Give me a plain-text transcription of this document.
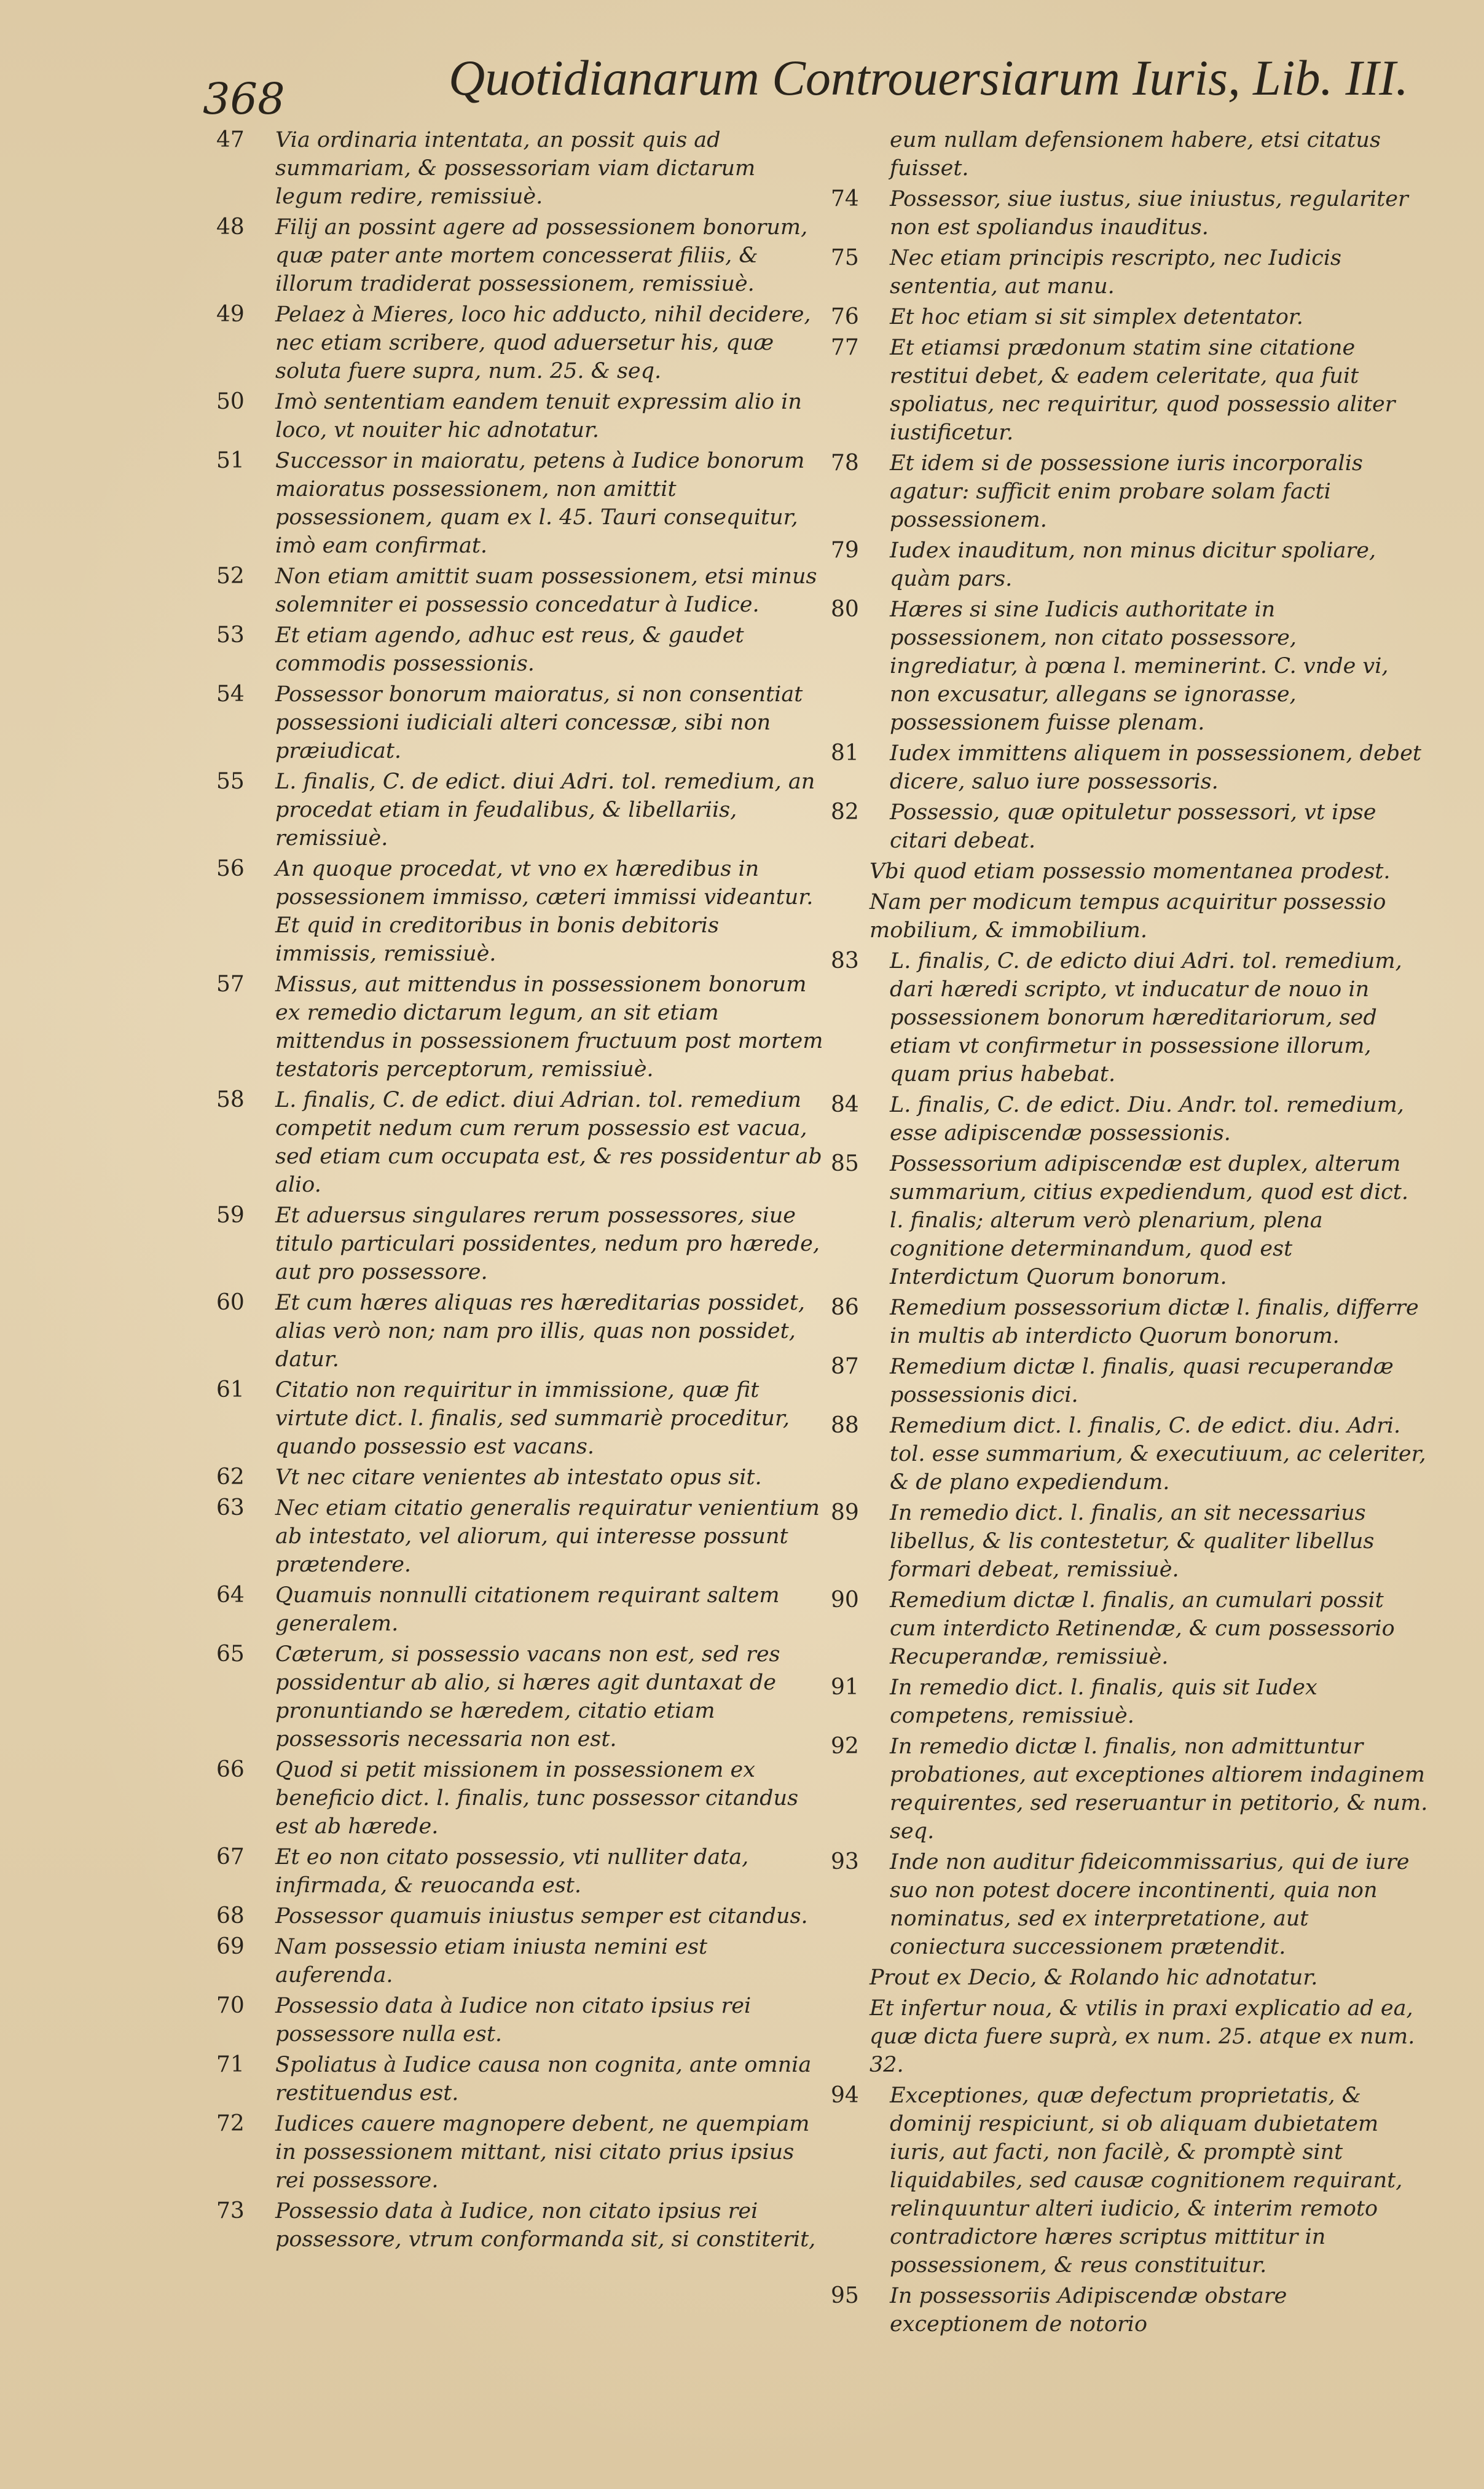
368	Quotidianarum Controuersiarum Iuris, Lib. III.
47 Via ordinaria intentata, an possit quis ad summariam, & possessoriam viam dictarum legum redire, remissiuè.
48 Filij an possint agere ad possessionem bonorum, quæ pater ante mortem concesserat filiis, & illorum tradiderat possessionem, remissiuè.
49 Pelaez à Mieres, loco hic adducto, nihil decidere, nec etiam scribere, quod aduersetur his, quæ soluta fuere supra, num. 25. & seq.
50 Imò sententiam eandem tenuit expressim alio in loco, vt nouiter hic adnotatur.
51 Successor in maioratu, petens à Iudice bonorum maioratus possessionem, non amittit possessionem, quam ex l. 45. Tauri consequitur, imò eam confirmat.
52 Non etiam amittit suam possessionem, etsi minus solemniter ei possessio concedatur à Iudice.
53 Et etiam agendo, adhuc est reus, & gaudet commodis possessionis.
54 Possessor bonorum maioratus, si non consentiat possessioni iudiciali alteri concessæ, sibi non præiudicat.
55 L. finalis, C. de edict. diui Adri. tol. remedium, an procedat etiam in feudalibus, & libellariis, remissiuè.
56 An quoque procedat, vt vno ex hæredibus in possessionem immisso, cæteri immissi videantur. Et quid in creditoribus in bonis debitoris immissis, remissiuè.
57 Missus, aut mittendus in possessionem bonorum ex remedio dictarum legum, an sit etiam mittendus in possessionem fructuum post mortem testatoris perceptorum, remissiuè.
58 L. finalis, C. de edict. diui Adrian. tol. remedium competit nedum cum rerum possessio est vacua, sed etiam cum occupata est, & res possidentur ab alio.
59 Et aduersus singulares rerum possessores, siue titulo particulari possidentes, nedum pro hærede, aut pro possessore.
60 Et cum hæres aliquas res hæreditarias possidet, alias verò non; nam pro illis, quas non possidet, datur.
61 Citatio non requiritur in immissione, quæ fit virtute dict. l. finalis, sed summariè proceditur, quando possessio est vacans.
62 Vt nec citare venientes ab intestato opus sit.
63 Nec etiam citatio generalis requiratur venientium ab intestato, vel aliorum, qui interesse possunt prætendere.
64 Quamuis nonnulli citationem requirant saltem generalem.
65 Cæterum, si possessio vacans non est, sed res possidentur ab alio, si hæres agit duntaxat de pronuntiando se hæredem, citatio etiam possessoris necessaria non est.
66 Quod si petit missionem in possessionem ex beneficio dict. l. finalis, tunc possessor citandus est ab hærede.
67 Et eo non citato possessio, vti nulliter data, infirmada, & reuocanda est.
68 Possessor quamuis iniustus semper est citandus.
69 Nam possessio etiam iniusta nemini est auferenda.
70 Possessio data à Iudice non citato ipsius rei possessore nulla est.
71 Spoliatus à Iudice causa non cognita, ante omnia restituendus est.
72 Iudices cauere magnopere debent, ne quempiam in possessionem mittant, nisi citato prius ipsius rei possessore.
73 Possessio data à Iudice, non citato ipsius rei possessore, vtrum conformanda sit, si constiterit,
eum nullam defensionem habere, etsi citatus fuisset.
74 Possessor, siue iustus, siue iniustus, regulariter non est spoliandus inauditus.
75 Nec etiam principis rescripto, nec Iudicis sententia, aut manu.
76 Et hoc etiam si sit simplex detentator.
77 Et etiamsi prædonum statim sine citatione restitui debet, & eadem celeritate, qua fuit spoliatus, nec requiritur, quod possessio aliter iustificetur.
78 Et idem si de possessione iuris incorporalis agatur: sufficit enim probare solam facti possessionem.
79 Iudex inauditum, non minus dicitur spoliare, quàm pars.
80 Hæres si sine Iudicis authoritate in possessionem, non citato possessore, ingrediatur, à pœna l. meminerint. C. vnde vi, non excusatur, allegans se ignorasse, possessionem fuisse plenam.
81 Iudex immittens aliquem in possessionem, debet dicere, saluo iure possessoris.
82 Possessio, quæ opituletur possessori, vt ipse citari debeat.
Vbi quod etiam possessio momentanea prodest.
Nam per modicum tempus acquiritur possessio mobilium, & immobilium.
83 L. finalis, C. de edicto diui Adri. tol. remedium, dari hæredi scripto, vt inducatur de nouo in possessionem bonorum hæreditariorum, sed etiam vt confirmetur in possessione illorum, quam prius habebat.
84 L. finalis, C. de edict. Diu. Andr. tol. remedium, esse adipiscendæ possessionis.
85 Possessorium adipiscendæ est duplex, alterum summarium, citius expediendum, quod est dict. l. finalis; alterum verò plenarium, plena cognitione determinandum, quod est Interdictum Quorum bonorum.
86 Remedium possessorium dictæ l. finalis, differre in multis ab interdicto Quorum bonorum.
87 Remedium dictæ l. finalis, quasi recuperandæ possessionis dici.
88 Remedium dict. l. finalis, C. de edict. diu. Adri. tol. esse summarium, & executiuum, ac celeriter, & de plano expediendum.
89 In remedio dict. l. finalis, an sit necessarius libellus, & lis contestetur, & qualiter libellus formari debeat, remissiuè.
90 Remedium dictæ l. finalis, an cumulari possit cum interdicto Retinendæ, & cum possessorio Recuperandæ, remissiuè.
91 In remedio dict. l. finalis, quis sit Iudex competens, remissiuè.
92 In remedio dictæ l. finalis, non admittuntur probationes, aut exceptiones altiorem indaginem requirentes, sed reseruantur in petitorio, & num. seq.
93 Inde non auditur fideicommissarius, qui de iure suo non potest docere incontinenti, quia non nominatus, sed ex interpretatione, aut coniectura successionem prætendit.
Prout ex Decio, & Rolando hic adnotatur.
Et infertur noua, & vtilis in praxi explicatio ad ea, quæ dicta fuere suprà, ex num. 25. atque ex num. 32.
94 Exceptiones, quæ defectum proprietatis, & dominij respiciunt, si ob aliquam dubietatem iuris, aut facti, non facilè, & promptè sint liquidabiles, sed causæ cognitionem requirant, relinquuntur alteri iudicio, & interim remoto contradictore hæres scriptus mittitur in possessionem, & reus constituitur.
95 In possessoriis Adipiscendæ obstare exceptionem de notorio
